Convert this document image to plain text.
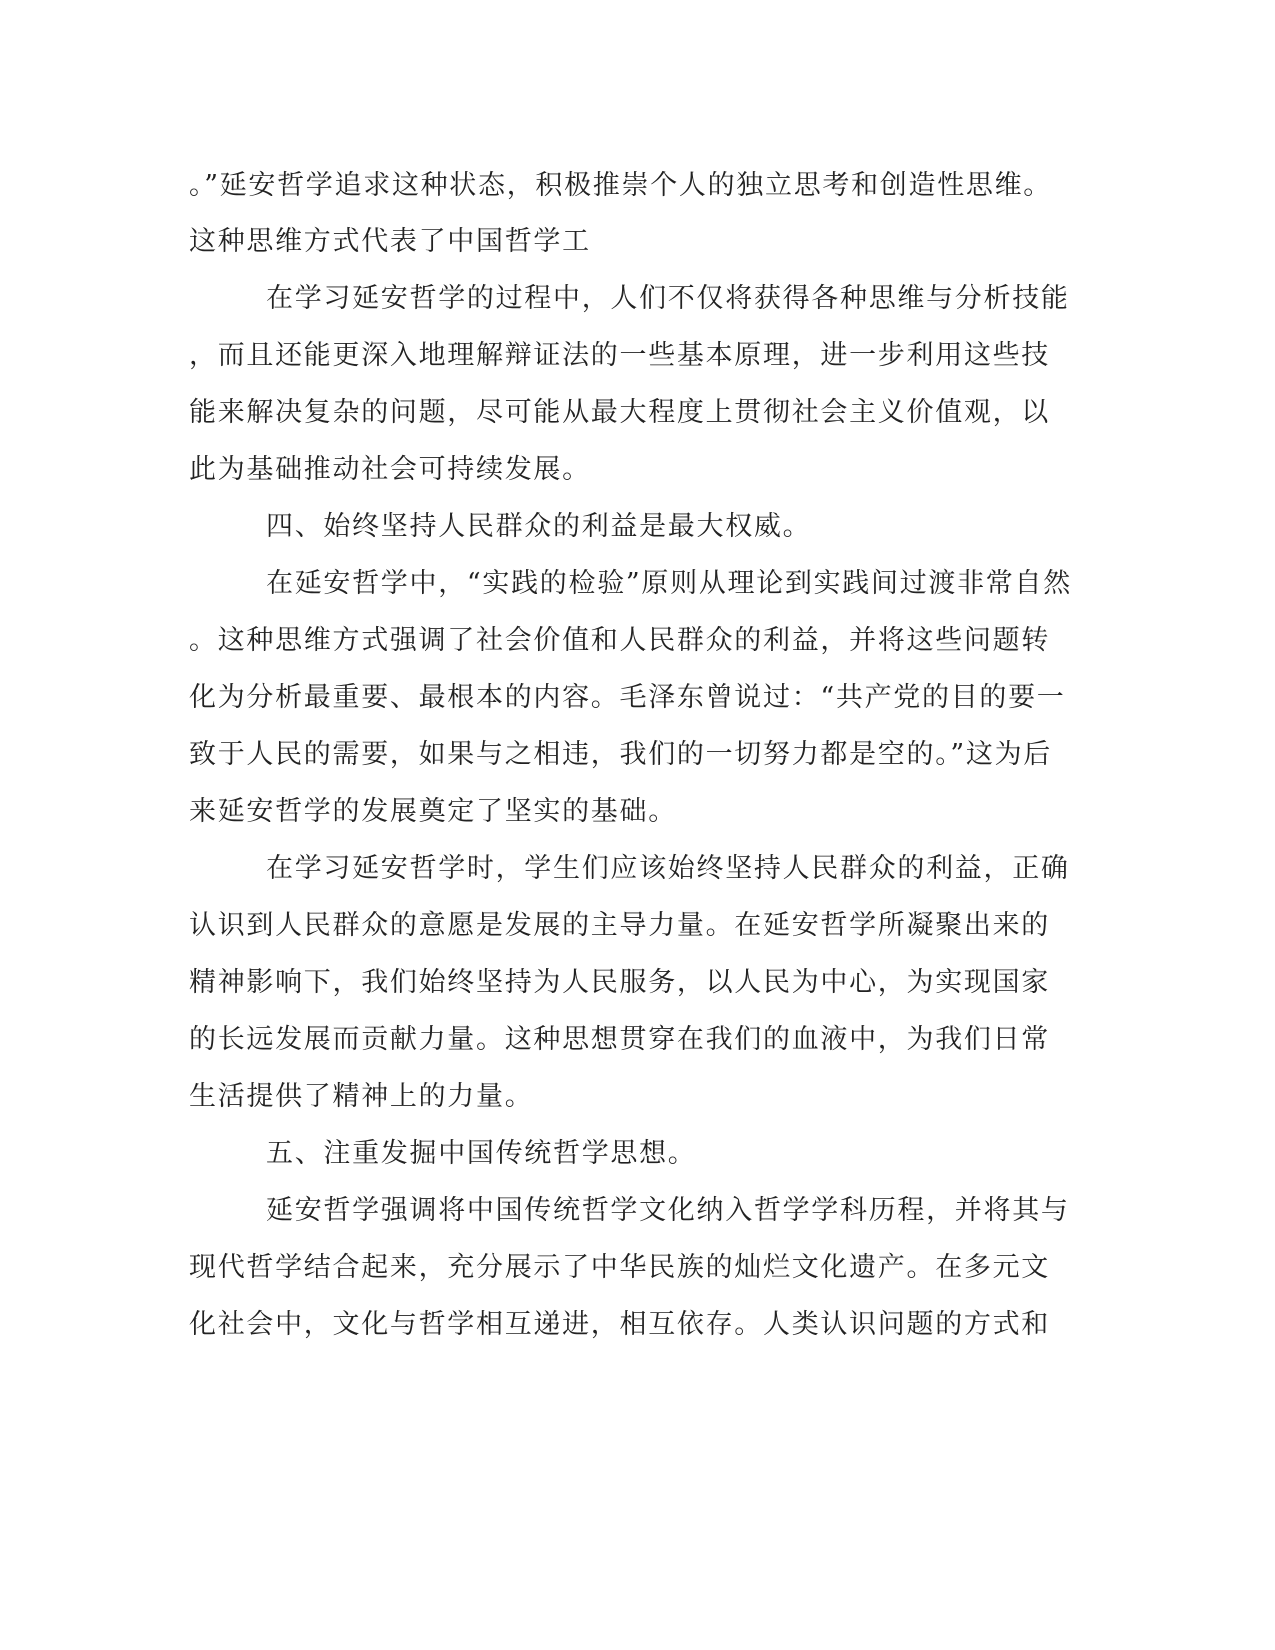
。”延安哲学追求这种状态，积极推崇个人的独立思考和创造性思维。
这种思维方式代表了中国哲学工
在学习延安哲学的过程中，人们不仅将获得各种思维与分析技能
，而且还能更深入地理解辩证法的一些基本原理，进一步利用这些技
能来解决复杂的问题，尽可能从最大程度上贯彻社会主义价值观，以
此为基础推动社会可持续发展。
四、始终坚持人民群众的利益是最大权威。
在延安哲学中，“实践的检验”原则从理论到实践间过渡非常自然
。这种思维方式强调了社会价值和人民群众的利益，并将这些问题转
化为分析最重要、最根本的内容。毛泽东曾说过：“共产党的目的要一
致于人民的需要，如果与之相违，我们的一切努力都是空的。”这为后
来延安哲学的发展奠定了坚实的基础。
在学习延安哲学时，学生们应该始终坚持人民群众的利益，正确
认识到人民群众的意愿是发展的主导力量。在延安哲学所凝聚出来的
精神影响下，我们始终坚持为人民服务，以人民为中心，为实现国家
的长远发展而贡献力量。这种思想贯穿在我们的血液中，为我们日常
生活提供了精神上的力量。
五、注重发掘中国传统哲学思想。
延安哲学强调将中国传统哲学文化纳入哲学学科历程，并将其与
现代哲学结合起来，充分展示了中华民族的灿烂文化遗产。在多元文
化社会中，文化与哲学相互递进，相互依存。人类认识问题的方式和
